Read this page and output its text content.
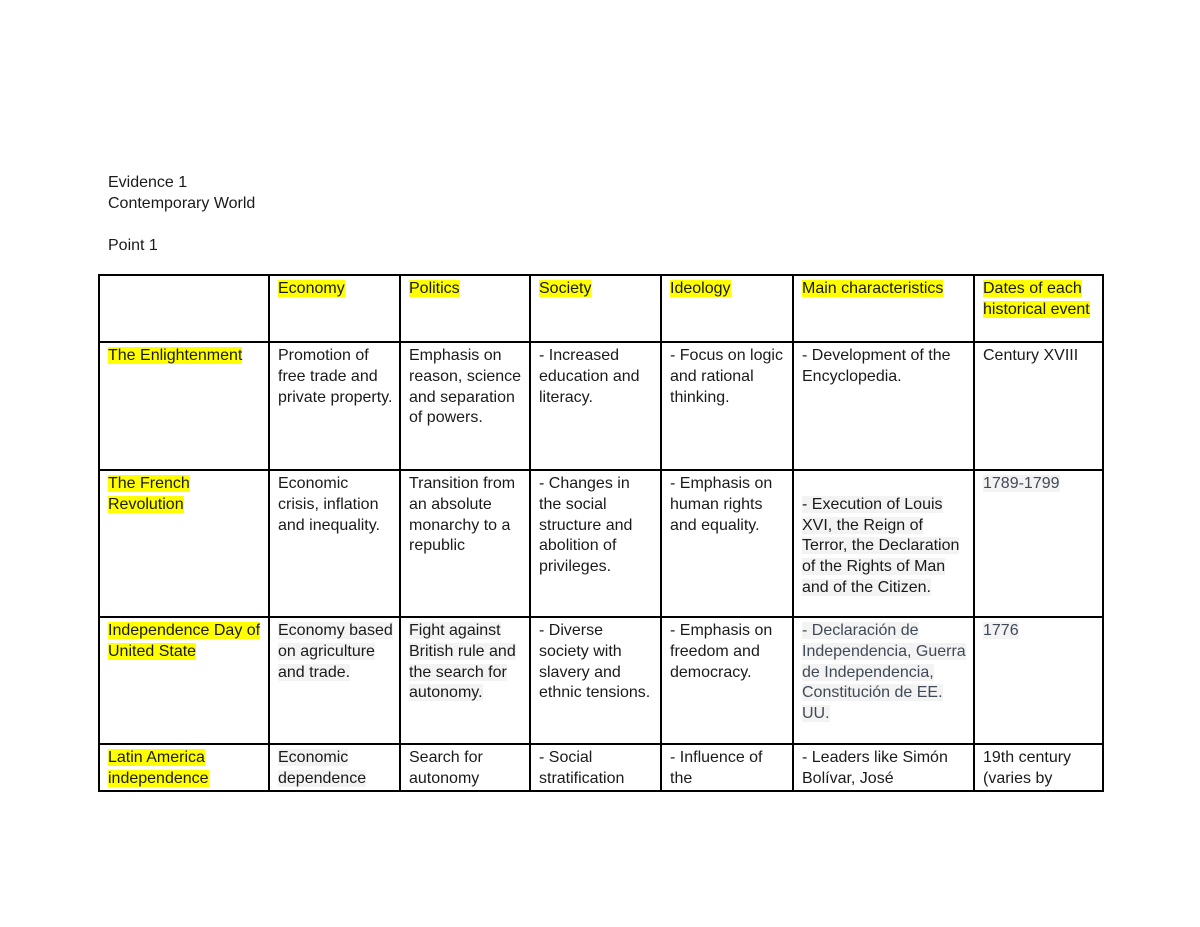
Evidence 1
Contemporary World
Point 1
	Economy	Politics	Society	Ideology	Main characteristics	Dates of each historical event
The Enlightenment	Promotion of free trade and private property.	Emphasis on reason, science and separation of powers.	- Increased education and literacy.	- Focus on logic and rational thinking.	- Development of the Encyclopedia.	Century XVIII
The French Revolution	Economic crisis, inflation and inequality.	Transition from an absolute monarchy to a republic	- Changes in the social structure and abolition of privileges.	- Emphasis on human rights and equality.	- Execution of Louis XVI, the Reign of Terror, the Declaration of the Rights of Man and of the Citizen.	1789-1799
Independence Day of United State	Economy based on agriculture and trade.	Fight against British rule and the search for autonomy.	- Diverse society with slavery and ethnic tensions.	- Emphasis on freedom and democracy.	- Declaración de Independencia, Guerra de Independencia, Constitución de EE. UU.	1776
Latin America independence	Economic dependence	Search for autonomy	- Social stratification	- Influence of the	- Leaders like Simón Bolívar, José	19th century (varies by
